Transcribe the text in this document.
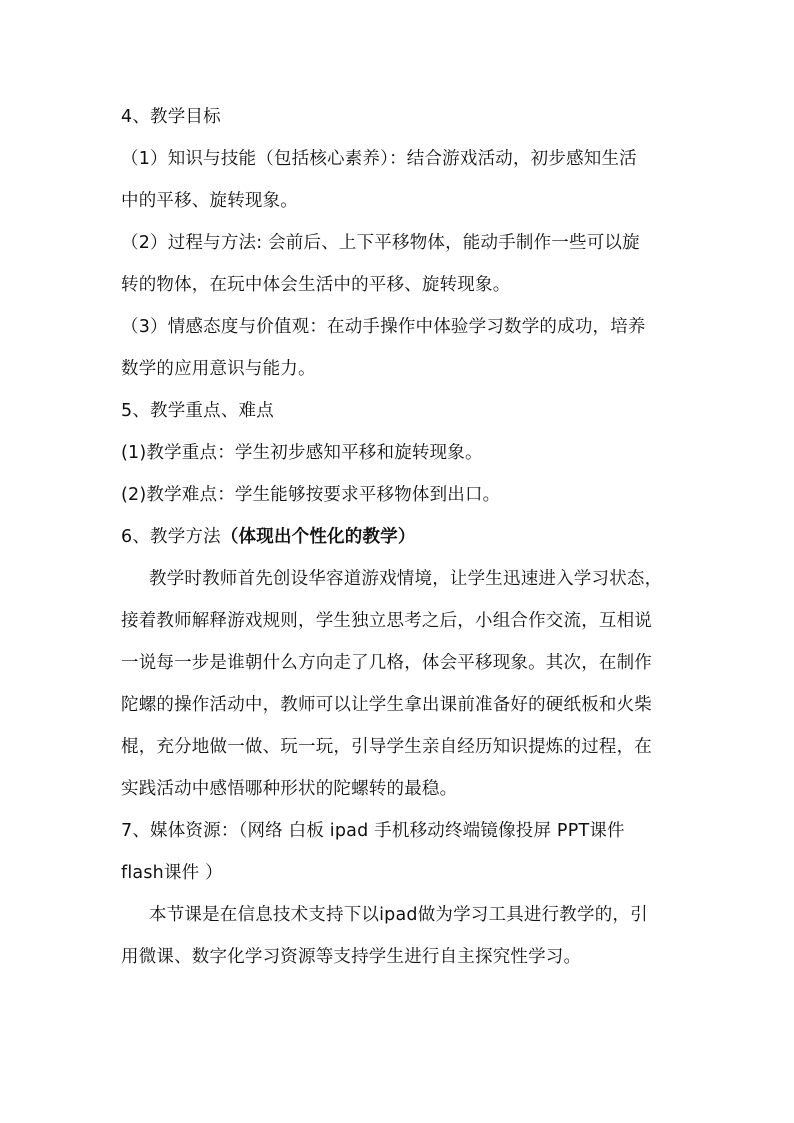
4、教学目标
（1）知识与技能（包括核心素养）：结合游戏活动，初步感知生活
中的平移、旋转现象。
（2）过程与方法: 会前后、上下平移物体，能动手制作一些可以旋
转的物体，在玩中体会生活中的平移、旋转现象。
（3）情感态度与价值观：在动手操作中体验学习数学的成功，培养
数学的应用意识与能力。
5、教学重点、难点
(1)教学重点：学生初步感知平移和旋转现象。
(2)教学难点：学生能够按要求平移物体到出口。
6、教学方法（体现出个性化的教学）
教学时教师首先创设华容道游戏情境，让学生迅速进入学习状态，
接着教师解释游戏规则，学生独立思考之后，小组合作交流，互相说
一说每一步是谁朝什么方向走了几格，体会平移现象。其次，在制作
陀螺的操作活动中，教师可以让学生拿出课前准备好的硬纸板和火柴
棍，充分地做一做、玩一玩，引导学生亲自经历知识提炼的过程，在
实践活动中感悟哪种形状的陀螺转的最稳。
7、媒体资源：（网络 白板 ipad 手机移动终端镜像投屏 PPT课件
flash课件 ）
本节课是在信息技术支持下以ipad做为学习工具进行教学的，引
用微课、数字化学习资源等支持学生进行自主探究性学习。
